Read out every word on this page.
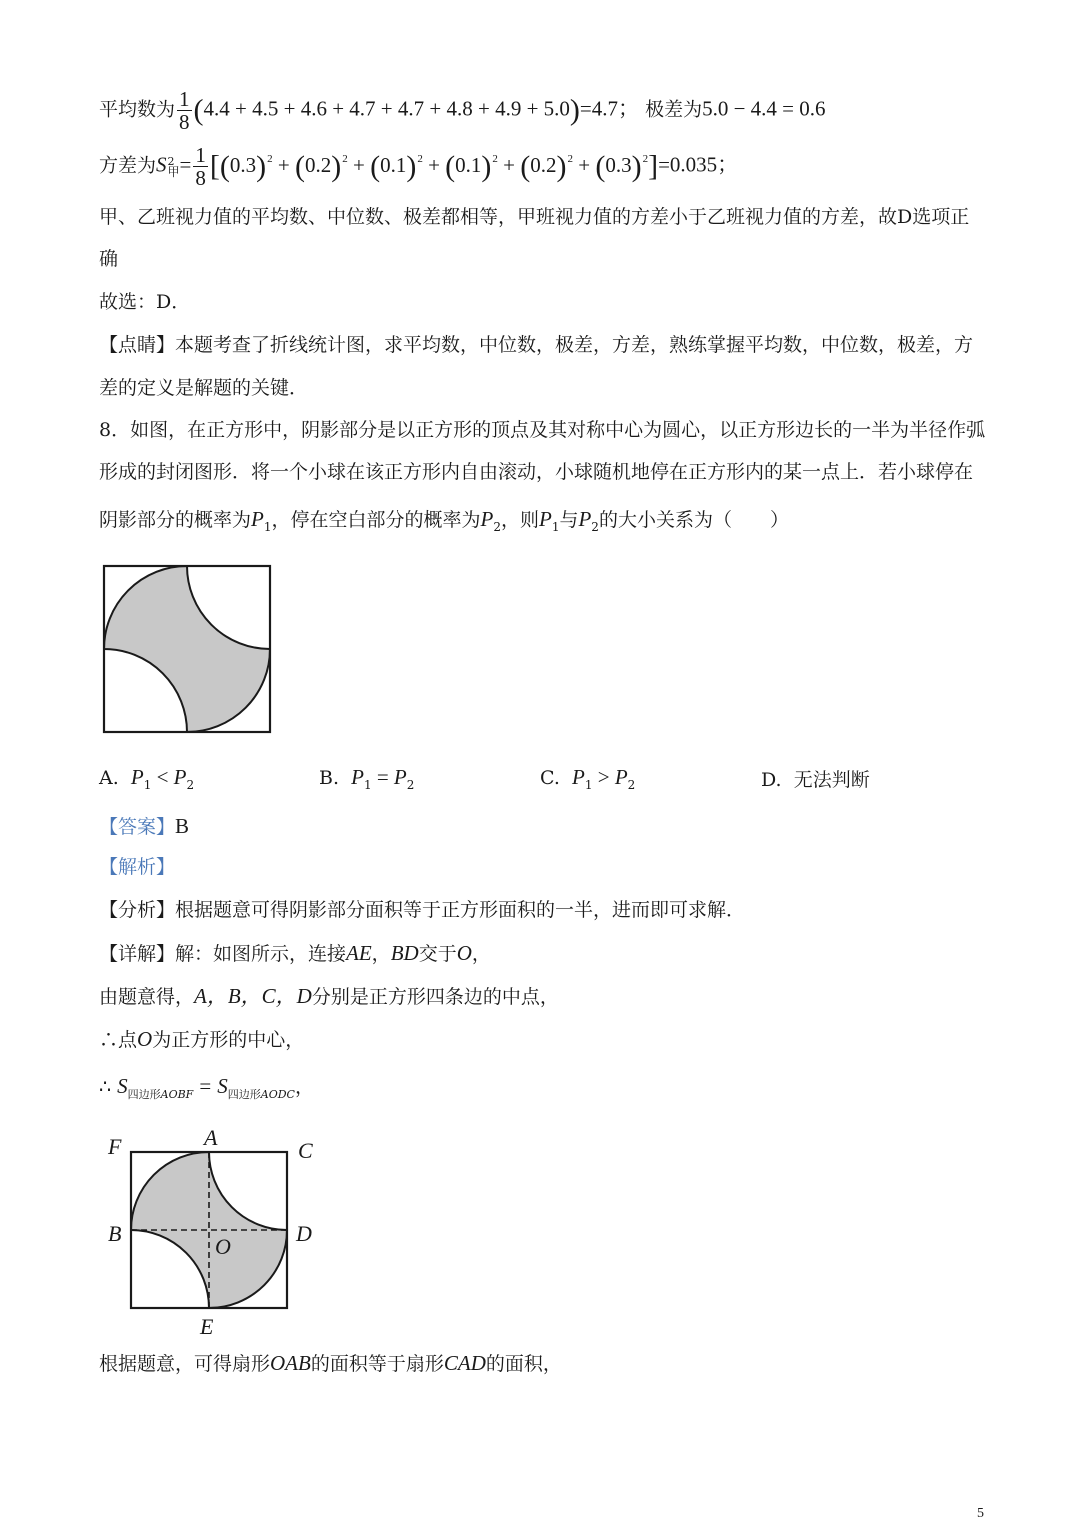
平均数为 $\frac{1}{8} (4.4 + 4.5 + 4.6 + 4.7 + 4.7 + 4.8 + 4.9 + 5.0)=4.7$； 极差为5.0 − 4.4 = 0.6
方差为S 2
甲 = $\frac{1}{8} [(0.3)^2 + (0.2)^2 + (0.1)^2 + (0.1)^2 + (0.2)^2 + (0.3)^2]=0.035$；
甲、乙班视力值的平均数、中位数、极差都相等，甲班视力值的方差小于乙班视力值的方差，故D选项正
确
故选：D．
【点睛】本题考查了折线统计图，求平均数，中位数，极差，方差，熟练掌握平均数，中位数，极差，方
差的定义是解题的关键．
8．如图，在正方形中，阴影部分是以正方形的顶点及其对称中心为圆心，以正方形边长的一半为半径作弧
形成的封闭图形．将一个小球在该正方形内自由滚动，小球随机地停在正方形内的某一点上．若小球停在
阴影部分的概率为$P_1$，停在空白部分的概率为$P_2$，则$P_1$与$P_2$的大小关系为（　　）
A. $P_1 < P_2$	B. $P_1 = P_2$	C. $P_1 > P_2$	D. 无法判断
【答案】B
【解析】
【分析】根据题意可得阴影部分面积等于正方形面积的一半，进而即可求解．
【详解】解：如图所示，连接AE，BD交于O，
由题意得，A，B，C，D分别是正方形四条边的中点，
∴点O为正方形的中心，
∴ $S_{四边形AOBF} = S_{四边形AODC}$，
F	A
C
B
O
D
E
根据题意，可得扇形OAB的面积等于扇形CAD的面积，
5
